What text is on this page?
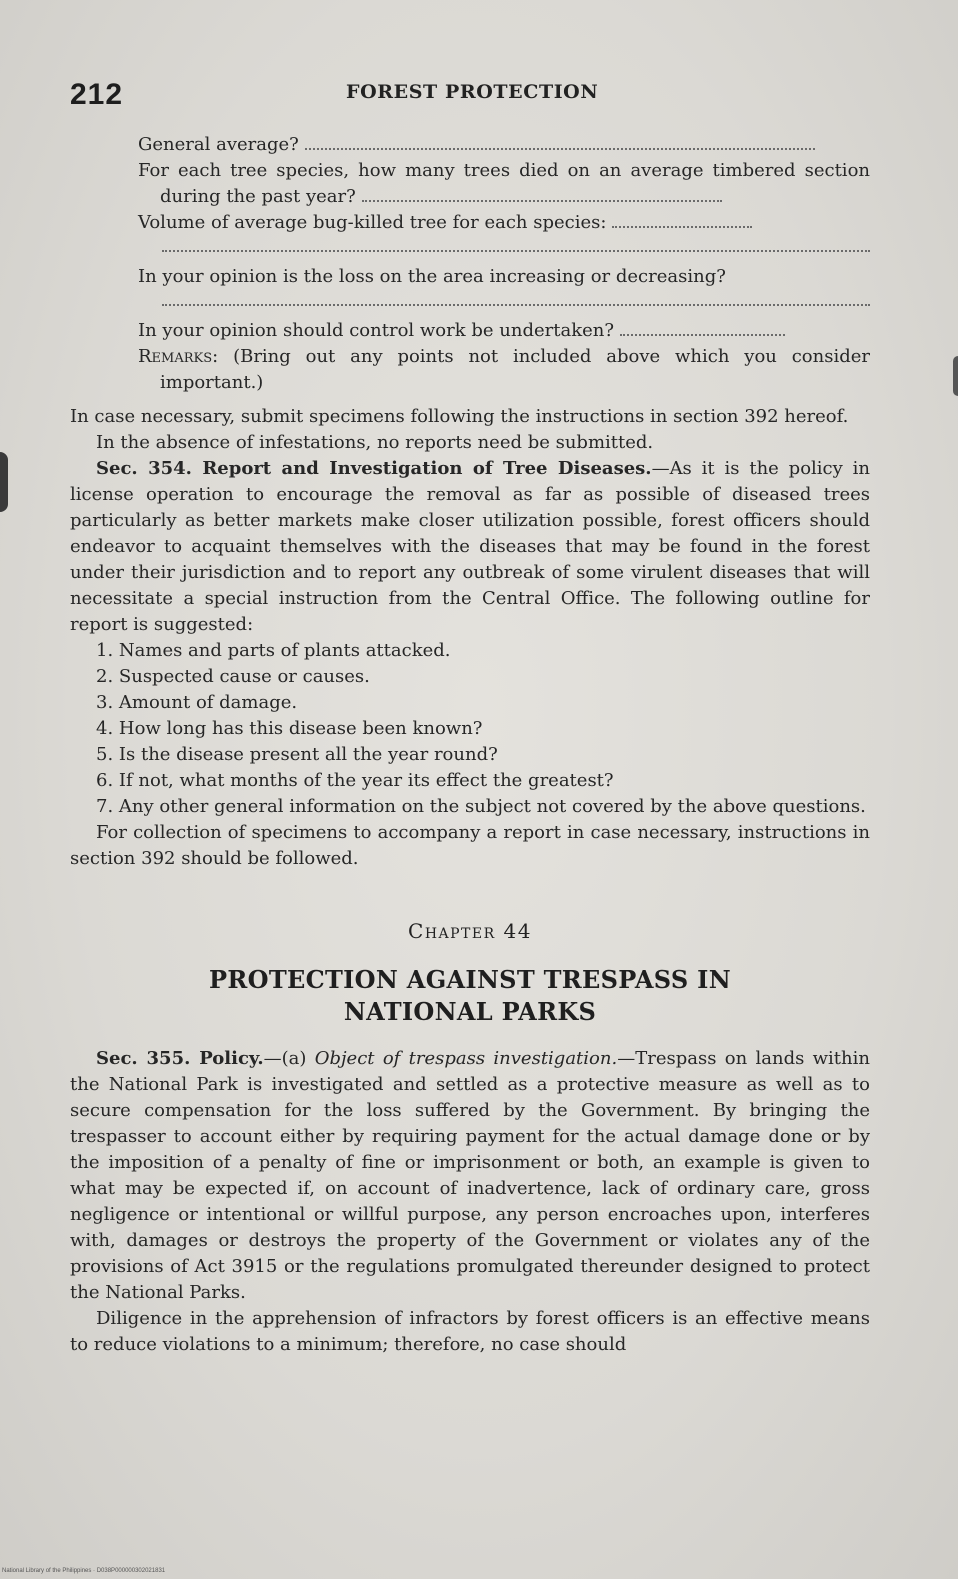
212	FOREST PROTECTION
General average?
For each tree species, how many trees died on an average timbered section during the past year?
Volume of average bug-killed tree for each species:
In your opinion is the loss on the area increasing or decreasing?
In your opinion should control work be undertaken?
Remarks: (Bring out any points not included above which you consider important.)

In case necessary, submit specimens following the instructions in section 392 hereof.

In the absence of infestations, no reports need be submitted.

Sec. 354. Report and Investigation of Tree Diseases.—As it is the policy in license operation to encourage the removal as far as possible of diseased trees particularly as better markets make closer utilization possible, forest officers should endeavor to acquaint themselves with the diseases that may be found in the forest under their jurisdiction and to report any outbreak of some virulent diseases that will necessitate a special instruction from the Central Office. The following outline for report is suggested:

1. Names and parts of plants attacked.

2. Suspected cause or causes.

3. Amount of damage.

4. How long has this disease been known?

5. Is the disease present all the year round?

6. If not, what months of the year its effect the greatest?

7. Any other general information on the subject not covered by the above questions.

For collection of specimens to accompany a report in case necessary, instructions in section 392 should be followed.

Chapter 44
PROTECTION AGAINST TRESPASS IN
NATIONAL PARKS

Sec. 355. Policy.—(a) Object of trespass investigation.—Trespass on lands within the National Park is investigated and settled as a protective measure as well as to secure compensation for the loss suffered by the Government. By bringing the trespasser to account either by requiring payment for the actual damage done or by the imposition of a penalty of fine or imprisonment or both, an example is given to what may be expected if, on account of inadvertence, lack of ordinary care, gross negligence or intentional or willful purpose, any person encroaches upon, interferes with, damages or destroys the property of the Government or violates any of the provisions of Act 3915 or the regulations promulgated thereunder designed to protect the National Parks.

Diligence in the apprehension of infractors by forest officers is an effective means to reduce violations to a minimum; therefore, no case should

National Library of the Philippines · D038P000000302021831
